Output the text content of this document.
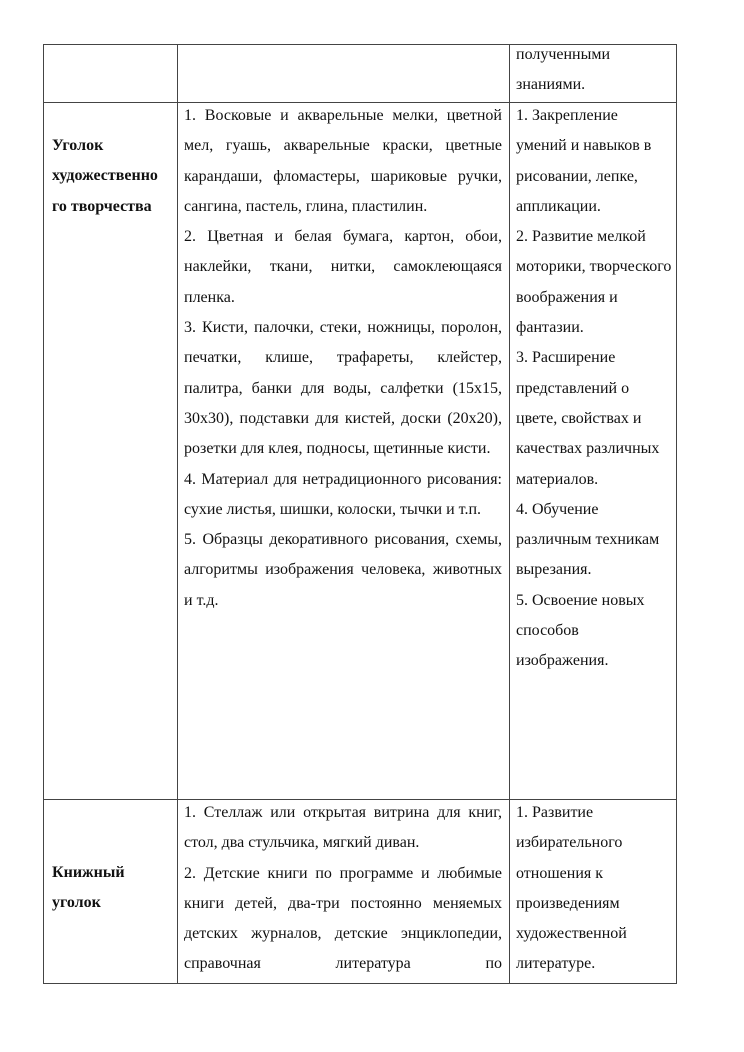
полученными
знаниями.
Уголок художественно го творчества
1. Восковые и акварельные мелки, цветной мел, гуашь, акварельные краски, цветные карандаши, фломастеры, шариковые ручки, сангина, пастель, глина, пластилин.
2. Цветная и белая бумага, картон, обои, наклейки, ткани, нитки, самоклеющаяся пленка.
3. Кисти, палочки, стеки, ножницы, поролон, печатки, клише, трафареты, клейстер, палитра, банки для воды, салфетки (15х15, 30х30), подставки для кистей, доски (20х20), розетки для клея, подносы, щетинные кисти.
4. Материал для нетрадиционного рисования: сухие листья, шишки, колоски, тычки и т.п.
5. Образцы декоративного рисования, схемы, алгоритмы изображения человека, животных и т.д.
1. Закрепление умений и навыков в рисовании, лепке, аппликации.
2. Развитие мелкой моторики, творческого воображения и фантазии.
3. Расширение представлений о цвете, свойствах и качествах различных материалов.
4. Обучение различным техникам вырезания.
5. Освоение новых способов изображения.
Книжный уголок
1. Стеллаж или открытая витрина для книг, стол, два стульчика, мягкий диван.
2. Детские книги по программе и любимые книги детей, два-три постоянно меняемых детских журналов, детские энциклопедии, справочная литература по
1. Развитие избирательного отношения к произведениям художественной литературе.
